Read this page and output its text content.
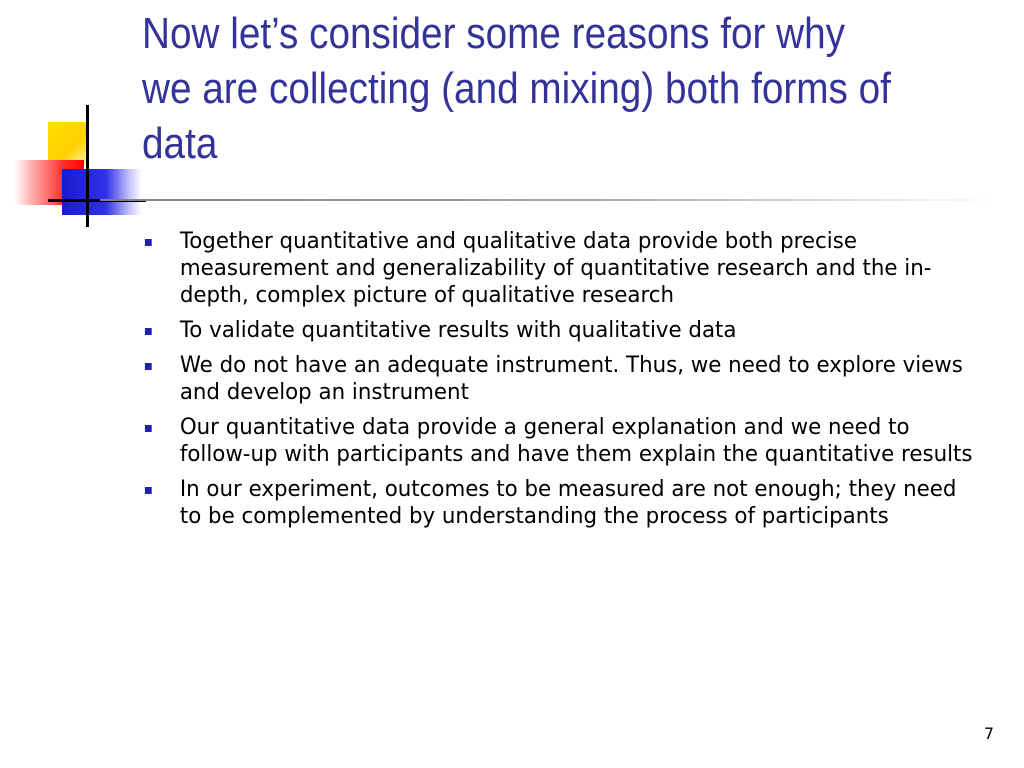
Now let’s consider some reasons for why we are collecting (and mixing) both forms of data
Together quantitative and qualitative data provide both precise measurement and generalizability of quantitative research and the in-depth, complex picture of qualitative research
To validate quantitative results with qualitative data
We do not have an adequate instrument. Thus, we need to explore views and develop an instrument
Our quantitative data provide a general explanation and we need to follow-up with participants and have them explain the quantitative results
In our experiment, outcomes to be measured are not enough; they need to be complemented by understanding the process of participants
7
